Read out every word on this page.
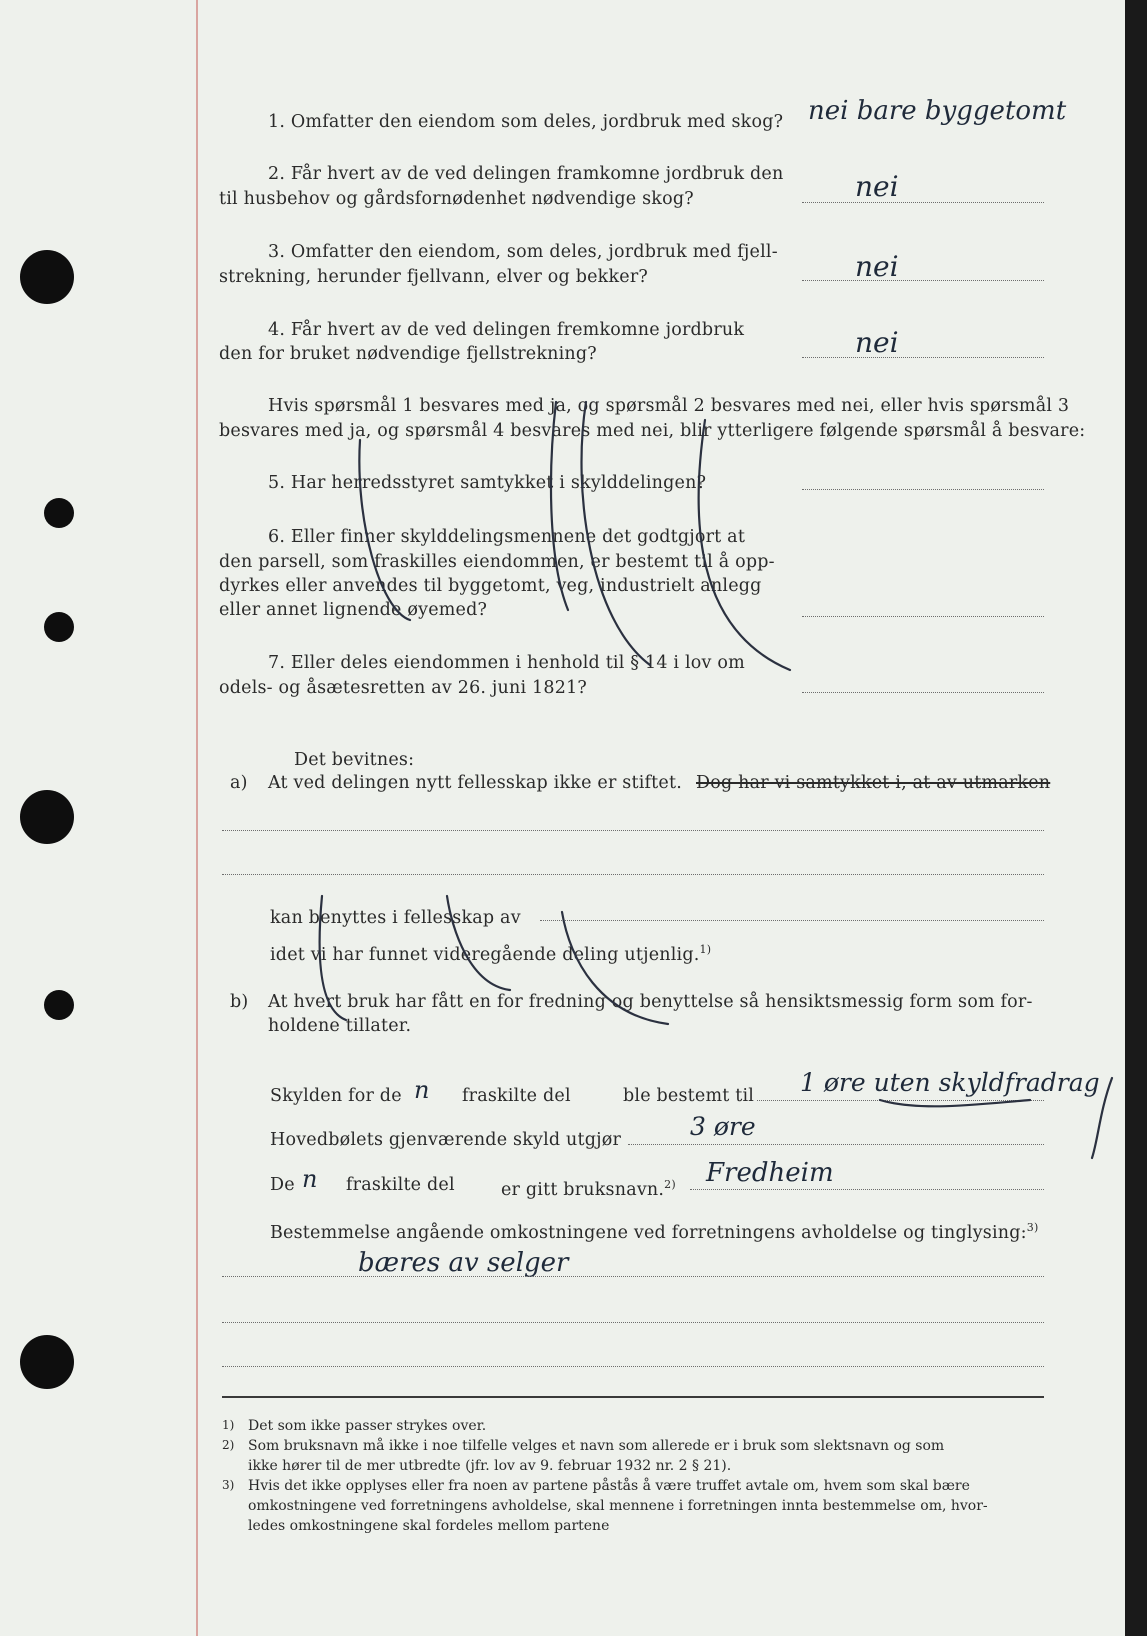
1. Omfatter den eiendom som deles, jordbruk med skog? nei bare byggetomt
2. Får hvert av de ved delingen framkomne jordbruk den
til husbehov og gårdsfornødenhet nødvendige skog?	nei
3. Omfatter den eiendom, som deles, jordbruk med fjell-
strekning, herunder fjellvann, elver og bekker?	nei
4. Får hvert av de ved delingen fremkomne jordbruk
den for bruket nødvendige fjellstrekning?	nei
Hvis spørsmål 1 besvares med ja, og spørsmål 2 besvares med nei, eller hvis spørsmål 3
besvares med ja, og spørsmål 4 besvares med nei, blir ytterligere følgende spørsmål å besvare:
5. Har herredsstyret samtykket i skylddelingen?
6. Eller finner skylddelingsmennene det godtgjort at
den parsell, som fraskilles eiendommen, er bestemt til å opp-
dyrkes eller anvendes til byggetomt, veg, industrielt anlegg
eller annet lignende øyemed?
7. Eller deles eiendommen i henhold til § 14 i lov om
odels- og åsætesretten av 26. juni 1821?
Det bevitnes:
a) At ved delingen nytt fellesskap ikke er stiftet. Dog har vi samtykket i, at av utmarken
kan benyttes i fellesskap av
idet vi har funnet videregående deling utjenlig.$^{1)}$
b) At hvert bruk har fått en for fredning og benyttelse så hensiktsmessig form som for-
holdene tillater.
Skylden for de n fraskilte del	ble bestemt til 1 øre uten skyldfradrag
Hovedbølets gjenværende skyld utgjør	3 øre
De n fraskilte del	er gitt bruksnavn.$^{2)}$ Fredheim
Bestemmelse angående omkostningene ved forretningens avholdelse og tinglysing:$^{3)}$
bæres av selger
1) Det som ikke passer strykes over.
2) Som bruksnavn må ikke i noe tilfelle velges et navn som allerede er i bruk som slektsnavn og som
ikke hører til de mer utbredte (jfr. lov av 9. februar 1932 nr. 2 § 21).
3) Hvis det ikke opplyses eller fra noen av partene påstås å være truffet avtale om, hvem som skal bære
omkostningene ved forretningens avholdelse, skal mennene i forretningen innta bestemmelse om, hvor-
ledes omkostningene skal fordeles mellom partene
